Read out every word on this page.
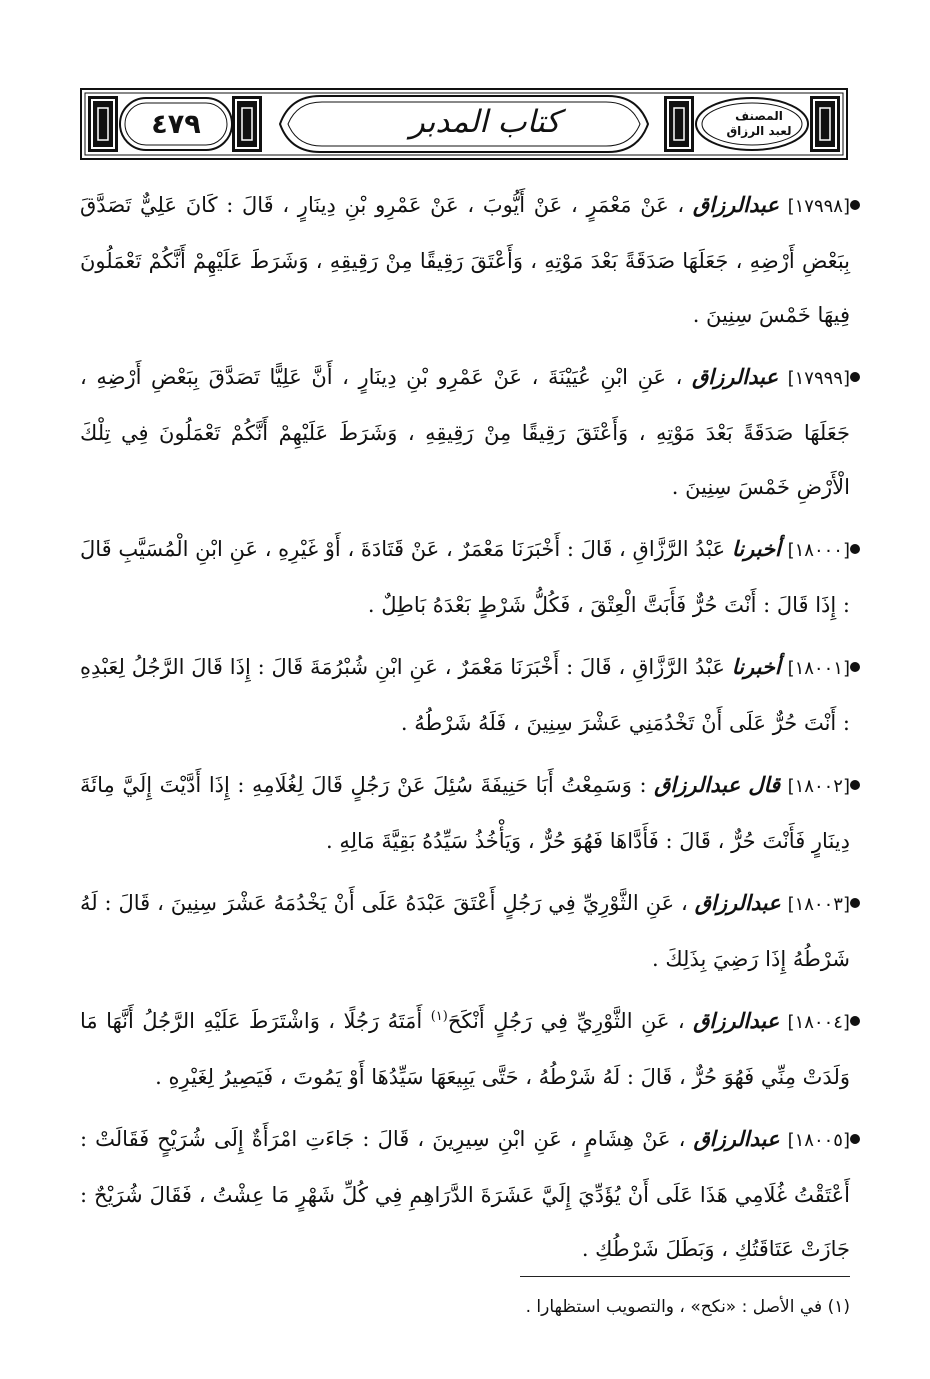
٤٧٩	كتاب المدبر	المصنف
لعبد الرزاق

[١٧٩٩٨] عبدالرزاق ، عَنْ مَعْمَرٍ ، عَنْ أَيُّوبَ ، عَنْ عَمْرِو بْنِ دِينَارٍ ، قَالَ : كَانَ عَلِيٌّ تَصَدَّقَ بِبَعْضِ أَرْضِهِ ، جَعَلَهَا صَدَقَةً بَعْدَ مَوْتِهِ ، وَأَعْتَقَ رَقِيقًا مِنْ رَقِيقِهِ ، وَشَرَطَ عَلَيْهِمْ أَنَّكُمْ تَعْمَلُونَ فِيهَا خَمْسَ سِنِينَ .

[١٧٩٩٩] عبدالرزاق ، عَنِ ابْنِ عُيَيْنَةَ ، عَنْ عَمْرِو بْنِ دِينَارٍ ، أَنَّ عَلِيًّا تَصَدَّقَ بِبَعْضِ أَرْضِهِ ، جَعَلَهَا صَدَقَةً بَعْدَ مَوْتِهِ ، وَأَعْتَقَ رَقِيقًا مِنْ رَقِيقِهِ ، وَشَرَطَ عَلَيْهِمْ أَنَّكُمْ تَعْمَلُونَ فِي تِلْكَ الْأَرْضِ خَمْسَ سِنِينَ .

[١٨٠٠٠] أخبرنا عَبْدُ الرَّزَّاقِ ، قَالَ : أَخْبَرَنَا مَعْمَرٌ ، عَنْ قَتَادَةَ ، أَوْ غَيْرِهِ ، عَنِ ابْنِ الْمُسَيَّبِ قَالَ : إِذَا قَالَ : أَنْتَ حُرٌّ فَأَبَتَّ الْعِتْقَ ، فَكُلُّ شَرْطٍ بَعْدَهُ بَاطِلٌ .

[١٨٠٠١] أخبرنا عَبْدُ الرَّزَّاقِ ، قَالَ : أَخْبَرَنَا مَعْمَرٌ ، عَنِ ابْنِ شُبْرُمَةَ قَالَ : إِذَا قَالَ الرَّجُلُ لِعَبْدِهِ : أَنْتَ حُرٌّ عَلَى أَنْ تَخْدُمَنِي عَشْرَ سِنِينَ ، فَلَهُ شَرْطُهُ .

[١٨٠٠٢] قال عبدالرزاق : وَسَمِعْتُ أَبَا حَنِيفَةَ سُئِلَ عَنْ رَجُلٍ قَالَ لِغُلَامِهِ : إِذَا أَدَّيْتَ إِلَيَّ مِائَةَ دِينَارٍ فَأَنْتَ حُرٌّ ، قَالَ : فَأَدَّاهَا فَهُوَ حُرٌّ ، وَيَأْخُذُ سَيِّدُهُ بَقِيَّةَ مَالِهِ .

[١٨٠٠٣] عبدالرزاق ، عَنِ الثَّوْرِيِّ فِي رَجُلٍ أَعْتَقَ عَبْدَهُ عَلَى أَنْ يَخْدُمَهُ عَشْرَ سِنِينَ ، قَالَ : لَهُ شَرْطُهُ إِذَا رَضِيَ بِذَلِكَ .

[١٨٠٠٤] عبدالرزاق ، عَنِ الثَّوْرِيِّ فِي رَجُلٍ أَنْكَحَ$^{(١)}$ أَمَتَهُ رَجُلًا ، وَاشْتَرَطَ عَلَيْهِ الرَّجُلُ أَنَّهَا مَا وَلَدَتْ مِنِّي فَهُوَ حُرٌّ ، قَالَ : لَهُ شَرْطُهُ ، حَتَّى يَبِيعَهَا سَيِّدُهَا أَوْ يَمُوتَ ، فَيَصِيرُ لِغَيْرِهِ .

[١٨٠٠٥] عبدالرزاق ، عَنْ هِشَامٍ ، عَنِ ابْنِ سِيرِينَ ، قَالَ : جَاءَتِ امْرَأَةٌ إِلَى شُرَيْحٍ فَقَالَتْ : أَعْتَقْتُ غُلَامِي هَذَا عَلَى أَنْ يُؤَدِّيَ إِلَيَّ عَشَرَةَ الدَّرَاهِمِ فِي كُلِّ شَهْرٍ مَا عِشْتُ ، فَقَالَ شُرَيْحٌ : جَازَتْ عَتَاقَتُكِ ، وَبَطَلَ شَرْطُكِ .

(١) في الأصل : «نكح» ، والتصويب استظهارا .
